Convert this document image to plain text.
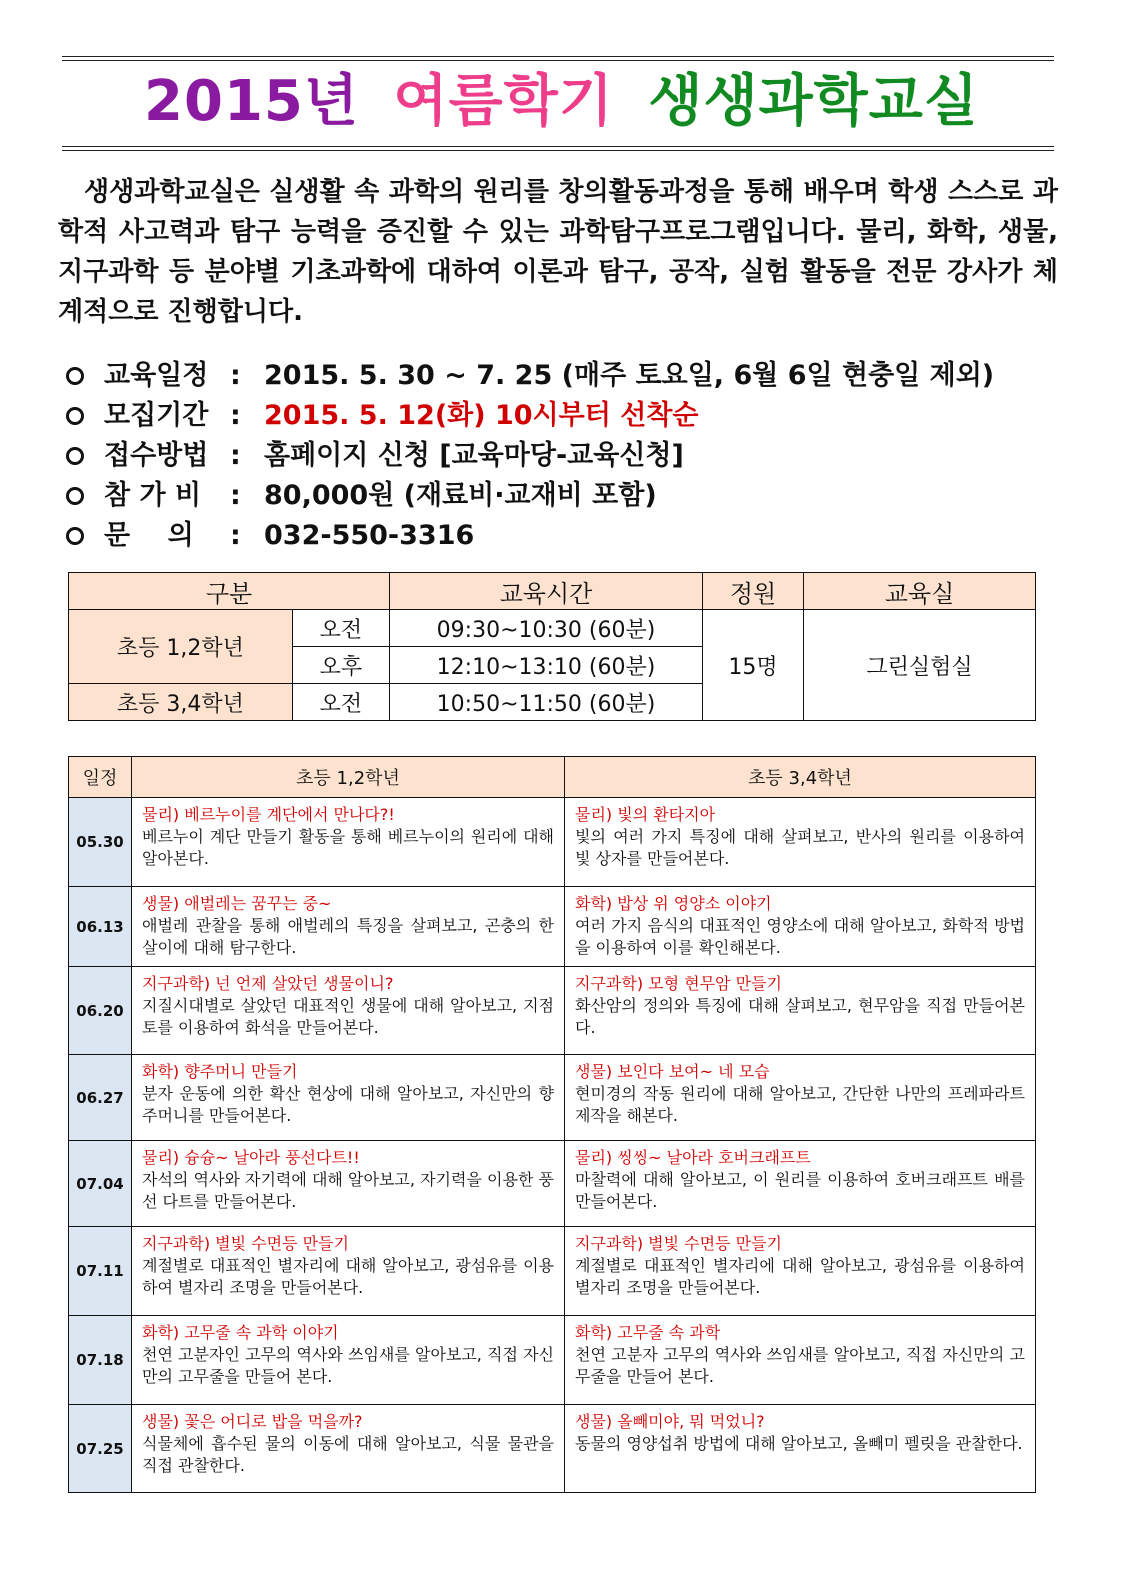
2015년 여름학기 생생과학교실
생생과학교실은 실생활 속 과학의 원리를 창의활동과정을 통해 배우며 학생 스스로 과학적 사고력과 탐구 능력을 증진할 수 있는 과학탐구프로그램입니다. 물리, 화학, 생물, 지구과학 등 분야별 기초과학에 대하여 이론과 탐구, 공작, 실험 활동을 전문 강사가 체계적으로 진행합니다.
교육일정 : 2015. 5. 30 ~ 7. 25 (매주 토요일, 6월 6일 현충일 제외)
모집기간 : 2015. 5. 12(화) 10시부터 선착순
접수방법 : 홈페이지 신청 [교육마당-교육신청]
참 가 비	: 80,000원 (재료비·교재비 포함)
문    의	: 032-550-3316
구분		교육시간	정원	교육실
초등 1,2학년	오전	09:30~10:30 (60분)	15명	그린실험실
	오후	12:10~13:10 (60분)		
초등 3,4학년	오전	10:50~11:50 (60분)		
일정	초등 1,2학년	초등 3,4학년
05.30	물리) 베르누이를 계단에서 만나다?!
베르누이 계단 만들기 활동을 통해 베르누이의 원리에 대해 알아본다.	물리) 빛의 환타지아
빛의 여러 가지 특징에 대해 살펴보고, 반사의 원리를 이용하여 빛 상자를 만들어본다.

06.13	생물) 애벌레는 꿈꾸는 중~
애벌레 관찰을 통해 애벌레의 특징을 살펴보고, 곤충의 한 살이에 대해 탐구한다.	화학) 밥상 위 영양소 이야기
여러 가지 음식의 대표적인 영양소에 대해 알아보고, 화학적 방법을 이용하여 이를 확인해본다.

06.20	지구과학) 넌 언제 살았던 생물이니?
지질시대별로 살았던 대표적인 생물에 대해 알아보고, 지점토를 이용하여 화석을 만들어본다.	지구과학) 모형 현무암 만들기
화산암의 정의와 특징에 대해 살펴보고, 현무암을 직접 만들어본다.

06.27	화학) 향주머니 만들기
분자 운동에 의한 확산 현상에 대해 알아보고, 자신만의 향주머니를 만들어본다.	생물) 보인다 보여~ 네 모습
현미경의 작동 원리에 대해 알아보고, 간단한 나만의 프레파라트 제작을 해본다.

07.04	물리) 슝슝~ 날아라 풍선다트!!
자석의 역사와 자기력에 대해 알아보고, 자기력을 이용한 풍선 다트를 만들어본다.	물리) 씽씽~ 날아라 호버크래프트
마찰력에 대해 알아보고, 이 원리를 이용하여 호버크래프트 배를 만들어본다.

07.11	지구과학) 별빛 수면등 만들기
계절별로 대표적인 별자리에 대해 알아보고, 광섬유를 이용하여 별자리 조명을 만들어본다.	지구과학) 별빛 수면등 만들기
계절별로 대표적인 별자리에 대해 알아보고, 광섬유를 이용하여 별자리 조명을 만들어본다.

07.18	화학) 고무줄 속 과학 이야기
천연 고분자인 고무의 역사와 쓰임새를 알아보고, 직접 자신만의 고무줄을 만들어 본다.	화학) 고무줄 속 과학
천연 고분자 고무의 역사와 쓰임새를 알아보고, 직접 자신만의 고무줄을 만들어 본다.

07.25	생물) 꽃은 어디로 밥을 먹을까?
식물체에 흡수된 물의 이동에 대해 알아보고, 식물 물관을 직접 관찰한다.	생물) 올빼미야, 뭐 먹었니?
동물의 영양섭취 방법에 대해 알아보고, 올빼미 펠릿을 관찰한다.
